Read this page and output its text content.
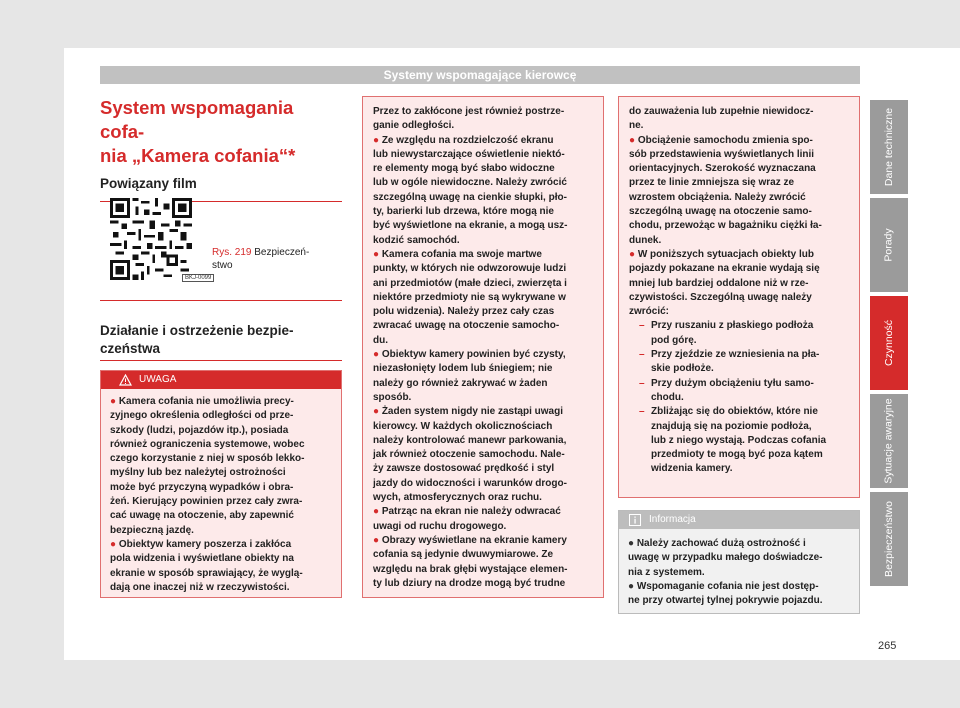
Systemy wspomagające kierowcę
Dane techniczne
Porady
Czynność
Sytuacje awaryjne
Bezpieczeństwo
265
System wspomagania cofa-
nia „Kamera cofania“*
Powiązany film
BKJ-0099
Rys. 219 Bezpieczeń-
stwo
Działanie i ostrzeżenie bezpie-
czeństwa
UWAGA

● Kamera cofania nie umożliwia precy-

zyjnego określenia odległości od prze-

szkody (ludzi, pojazdów itp.), posiada

również ograniczenia systemowe, wobec

czego korzystanie z niej w sposób lekko-

myślny lub bez należytej ostrożności

może być przyczyną wypadków i obra-

żeń. Kierujący powinien przez cały zwra-

cać uwagę na otoczenie, aby zapewnić

bezpieczną jazdę.

● Obiektyw kamery poszerza i zakłóca

pola widzenia i wyświetlane obiekty na

ekranie w sposób sprawiający, że wyglą-

dają one inaczej niż w rzeczywistości.

Przez to zakłócone jest również postrze-

ganie odległości.

● Ze względu na rozdzielczość ekranu

lub niewystarczające oświetlenie niektó-

re elementy mogą być słabo widoczne

lub w ogóle niewidoczne. Należy zwrócić

szczególną uwagę na cienkie słupki, pło-

ty, barierki lub drzewa, które mogą nie

być wyświetlone na ekranie, a mogą usz-

kodzić samochód.

● Kamera cofania ma swoje martwe

punkty, w których nie odwzorowuje ludzi

ani przedmiotów (małe dzieci, zwierzęta i

niektóre przedmioty nie są wykrywane w

polu widzenia). Należy przez cały czas

zwracać uwagę na otoczenie samocho-

du.

● Obiektyw kamery powinien być czysty,

niezasłonięty lodem lub śniegiem; nie

należy go również zakrywać w żaden

sposób.

● Żaden system nigdy nie zastąpi uwagi

kierowcy. W każdych okolicznościach

należy kontrolować manewr parkowania,

jak również otoczenie samochodu. Nale-

ży zawsze dostosować prędkość i styl

jazdy do widoczności i warunków drogo-

wych, atmosferycznych oraz ruchu.

● Patrząc na ekran nie należy odwracać

uwagi od ruchu drogowego.

● Obrazy wyświetlane na ekranie kamery

cofania są jedynie dwuwymiarowe. Ze

względu na brak głębi wystające elemen-

ty lub dziury na drodze mogą być trudne

do zauważenia lub zupełnie niewidocz-

ne.

● Obciążenie samochodu zmienia spo-

sób przedstawienia wyświetlanych linii

orientacyjnych. Szerokość wyznaczana

przez te linie zmniejsza się wraz ze

wzrostem obciążenia. Należy zwrócić

szczególną uwagę na otoczenie samo-

chodu, przewożąc w bagażniku ciężki ła-

dunek.

● W poniższych sytuacjach obiekty lub

pojazdy pokazane na ekranie wydają się

mniej lub bardziej oddalone niż w rze-

czywistości. Szczególną uwagę należy

zwrócić:

– Przy ruszaniu z płaskiego podłoża

pod górę.

– Przy zjeździe ze wzniesienia na pła-

skie podłoże.

– Przy dużym obciążeniu tyłu samo-

chodu.

– Zbliżając się do obiektów, które nie

znajdują się na poziomie podłoża,

lub z niego wystają. Podczas cofania

przedmioty te mogą być poza kątem

widzenia kamery.

Informacja

● Należy zachować dużą ostrożność i

uwagę w przypadku małego doświadcze-

nia z systemem.

● Wspomaganie cofania nie jest dostęp-

ne przy otwartej tylnej pokrywie pojazdu.
